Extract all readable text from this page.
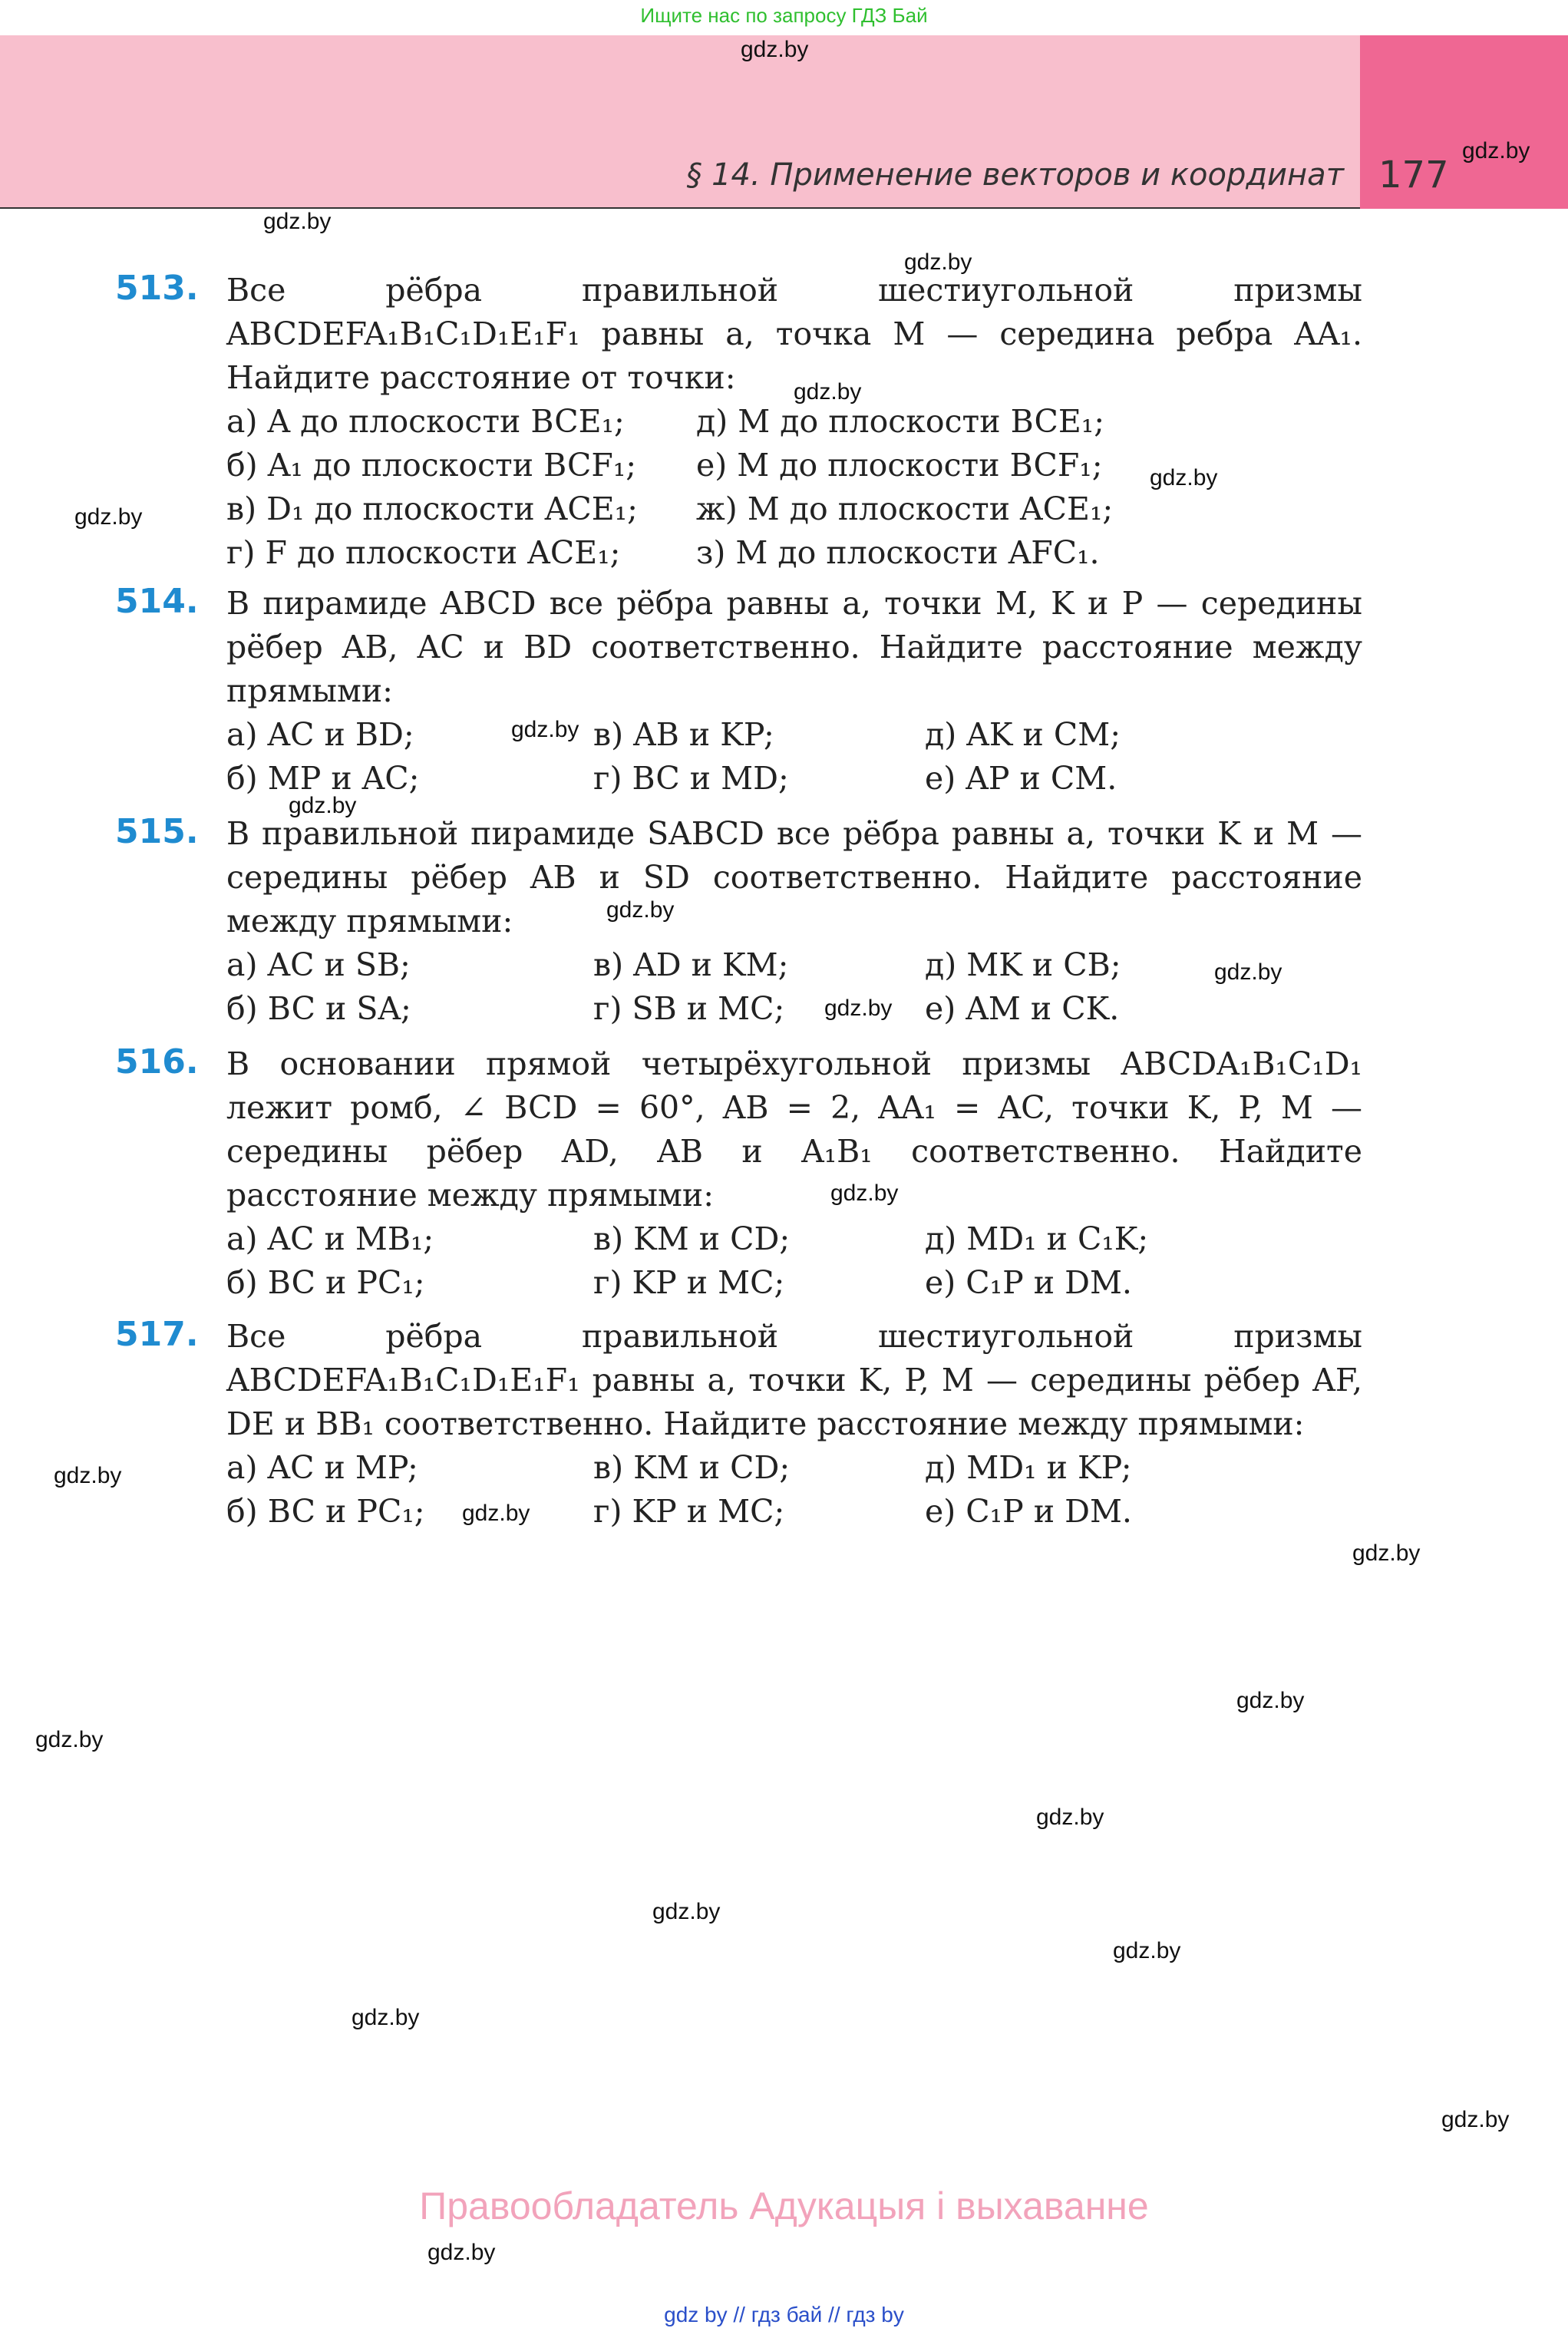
Ищите нас по запросу ГДЗ Бай
§ 14. Применение векторов и координат 177
gdz.by
gdz.by
gdz.by
gdz.by
gdz.by
gdz.by
gdz.by
gdz.by
gdz.by
gdz.by
gdz.by
gdz.by
gdz.by
gdz.by
gdz.by
gdz.by
gdz.by
gdz.by
gdz.by
gdz.by
gdz.by
gdz.by
gdz.by
gdz.by
513. Все рёбра правильной шестиугольной призмы ABCDEFA₁B₁C₁D₁E₁F₁ равны a, точка M — середина ребра AA₁. Найдите расстояние от точки:
а) A до плоскости BCE₁;	д) M до плоскости BCE₁;
б) A₁ до плоскости BCF₁;	е) M до плоскости BCF₁;
в) D₁ до плоскости ACE₁;	ж) M до плоскости ACE₁;
г) F до плоскости ACE₁;	з) M до плоскости AFC₁.
514. В пирамиде ABCD все рёбра равны a, точки M, K и P — середины рёбер AB, AC и BD соответственно. Найдите расстояние между прямыми:
а) AC и BD;	в) AB и KP;	д) AK и CM;
б) MP и AC;	г) BC и MD;	е) AP и CM.
515. В правильной пирамиде SABCD все рёбра равны a, точки K и M — середины рёбер AB и SD соответственно. Найдите расстояние между прямыми:
а) AC и SB;	в) AD и KM;	д) MK и CB;
б) BC и SA;	г) SB и MC;	е) AM и CK.
516. В основании прямой четырёхугольной призмы ABCDA₁B₁C₁D₁ лежит ромб, ∠ BCD = 60°, AB = 2, AA₁ = AC, точки K, P, M — середины рёбер AD, AB и A₁B₁ соответственно. Найдите расстояние между прямыми:
а) AC и MB₁;	в) KM и CD;	д) MD₁ и C₁K;
б) BC и PC₁;	г) KP и MC;	е) C₁P и DM.
517. Все рёбра правильной шестиугольной призмы ABCDEFA₁B₁C₁D₁E₁F₁ равны a, точки K, P, M — середины рёбер AF, DE и BB₁ соответственно. Найдите расстояние между прямыми:
а) AC и MP;	в) KM и CD;	д) MD₁ и KP;
б) BC и PC₁;	г) KP и MC;	е) C₁P и DM.
Правообладатель Адукацыя і выхаванне
gdz by // гдз бай // гдз by
